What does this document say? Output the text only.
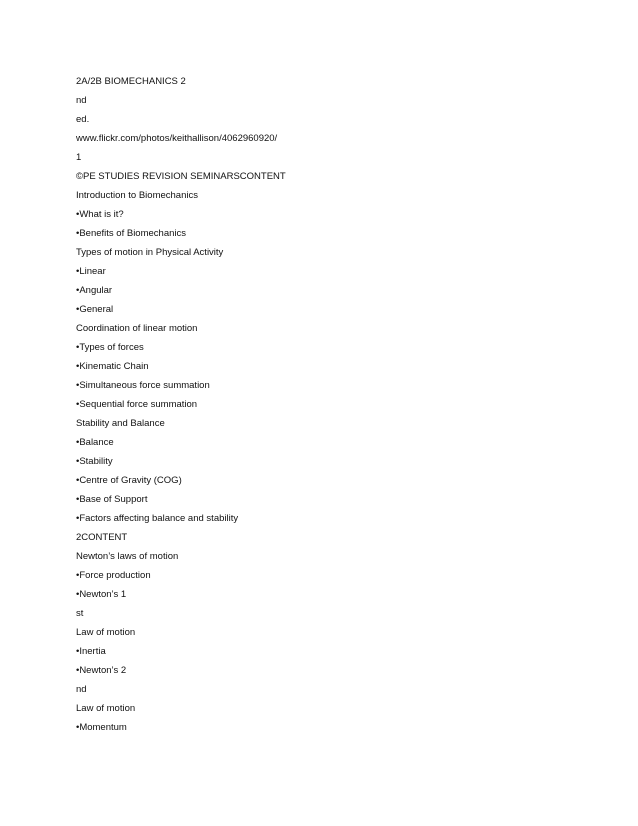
2A/2B BIOMECHANICS 2
nd
ed.
www.flickr.com/photos/keithallison/4062960920/
1
©PE STUDIES REVISION SEMINARSCONTENT
Introduction to Biomechanics
•What is it?
•Benefits of Biomechanics
Types of motion in Physical Activity
•Linear
•Angular
•General
Coordination of linear motion
•Types of forces
•Kinematic Chain
•Simultaneous force summation
•Sequential force summation
Stability and Balance
•Balance
•Stability
•Centre of Gravity (COG)
•Base of Support
•Factors affecting balance and stability
2CONTENT
Newton’s laws of motion
•Force production
•Newton’s 1
st
Law of motion
•Inertia
•Newton’s 2
nd
Law of motion
•Momentum
